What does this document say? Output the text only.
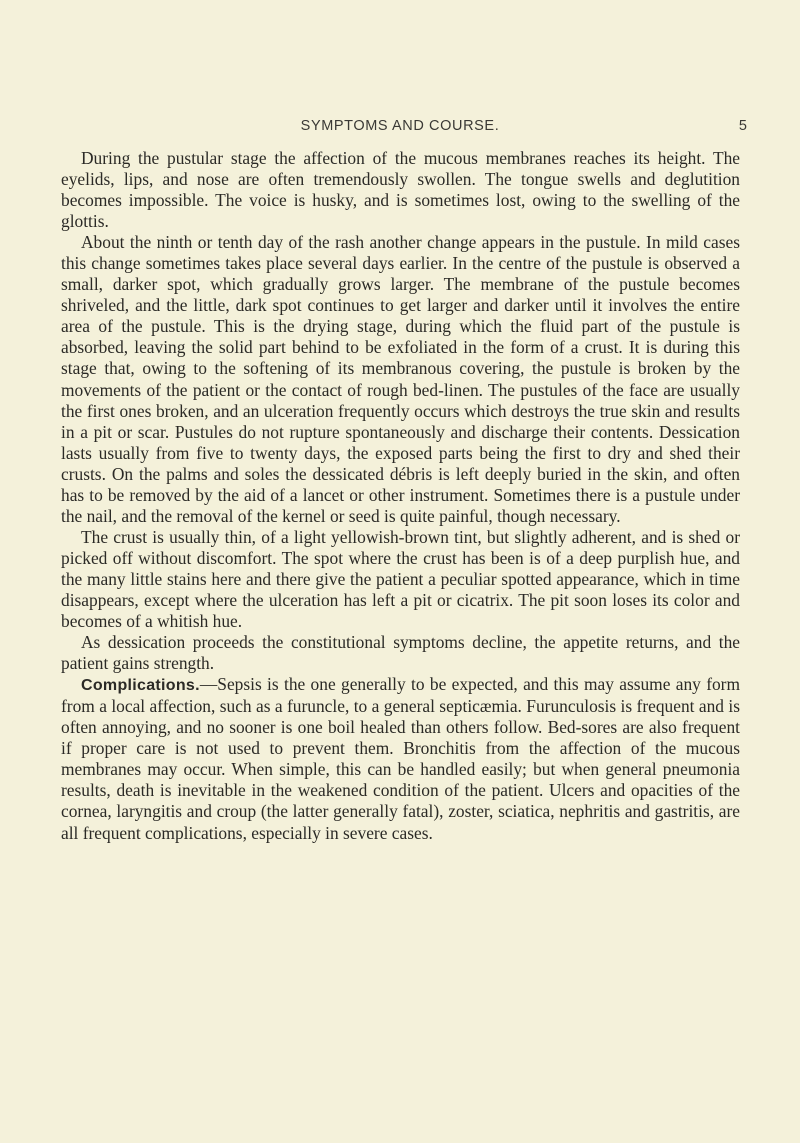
SYMPTOMS AND COURSE.	5

During the pustular stage the affection of the mucous membranes reaches its height. The eyelids, lips, and nose are often tremendously swollen. The tongue swells and deglutition becomes impossible. The voice is husky, and is sometimes lost, owing to the swelling of the glottis.

About the ninth or tenth day of the rash another change appears in the pustule. In mild cases this change sometimes takes place several days earlier. In the centre of the pustule is observed a small, darker spot, which gradually grows larger. The membrane of the pustule becomes shriveled, and the little, dark spot continues to get larger and darker until it involves the entire area of the pustule. This is the drying stage, during which the fluid part of the pustule is absorbed, leaving the solid part behind to be exfoliated in the form of a crust. It is during this stage that, owing to the softening of its membranous covering, the pustule is broken by the movements of the patient or the contact of rough bed-linen. The pustules of the face are usually the first ones broken, and an ulceration frequently occurs which destroys the true skin and results in a pit or scar. Pustules do not rupture spontaneously and discharge their contents. Dessication lasts usually from five to twenty days, the exposed parts being the first to dry and shed their crusts. On the palms and soles the dessicated débris is left deeply buried in the skin, and often has to be removed by the aid of a lancet or other instrument. Sometimes there is a pustule under the nail, and the removal of the kernel or seed is quite painful, though necessary.

The crust is usually thin, of a light yellowish-brown tint, but slightly adherent, and is shed or picked off without discomfort. The spot where the crust has been is of a deep purplish hue, and the many little stains here and there give the patient a peculiar spotted appearance, which in time disappears, except where the ulceration has left a pit or cicatrix. The pit soon loses its color and becomes of a whitish hue.

As dessication proceeds the constitutional symptoms decline, the appetite returns, and the patient gains strength.

Complications.—Sepsis is the one generally to be expected, and this may assume any form from a local affection, such as a furuncle, to a general septicæmia. Furunculosis is frequent and is often annoying, and no sooner is one boil healed than others follow. Bed-sores are also frequent if proper care is not used to prevent them. Bronchitis from the affection of the mucous membranes may occur. When simple, this can be handled easily; but when general pneumonia results, death is inevitable in the weakened condition of the patient. Ulcers and opacities of the cornea, laryngitis and croup (the latter generally fatal), zoster, sciatica, nephritis and gastritis, are all frequent complications, especially in severe cases.
